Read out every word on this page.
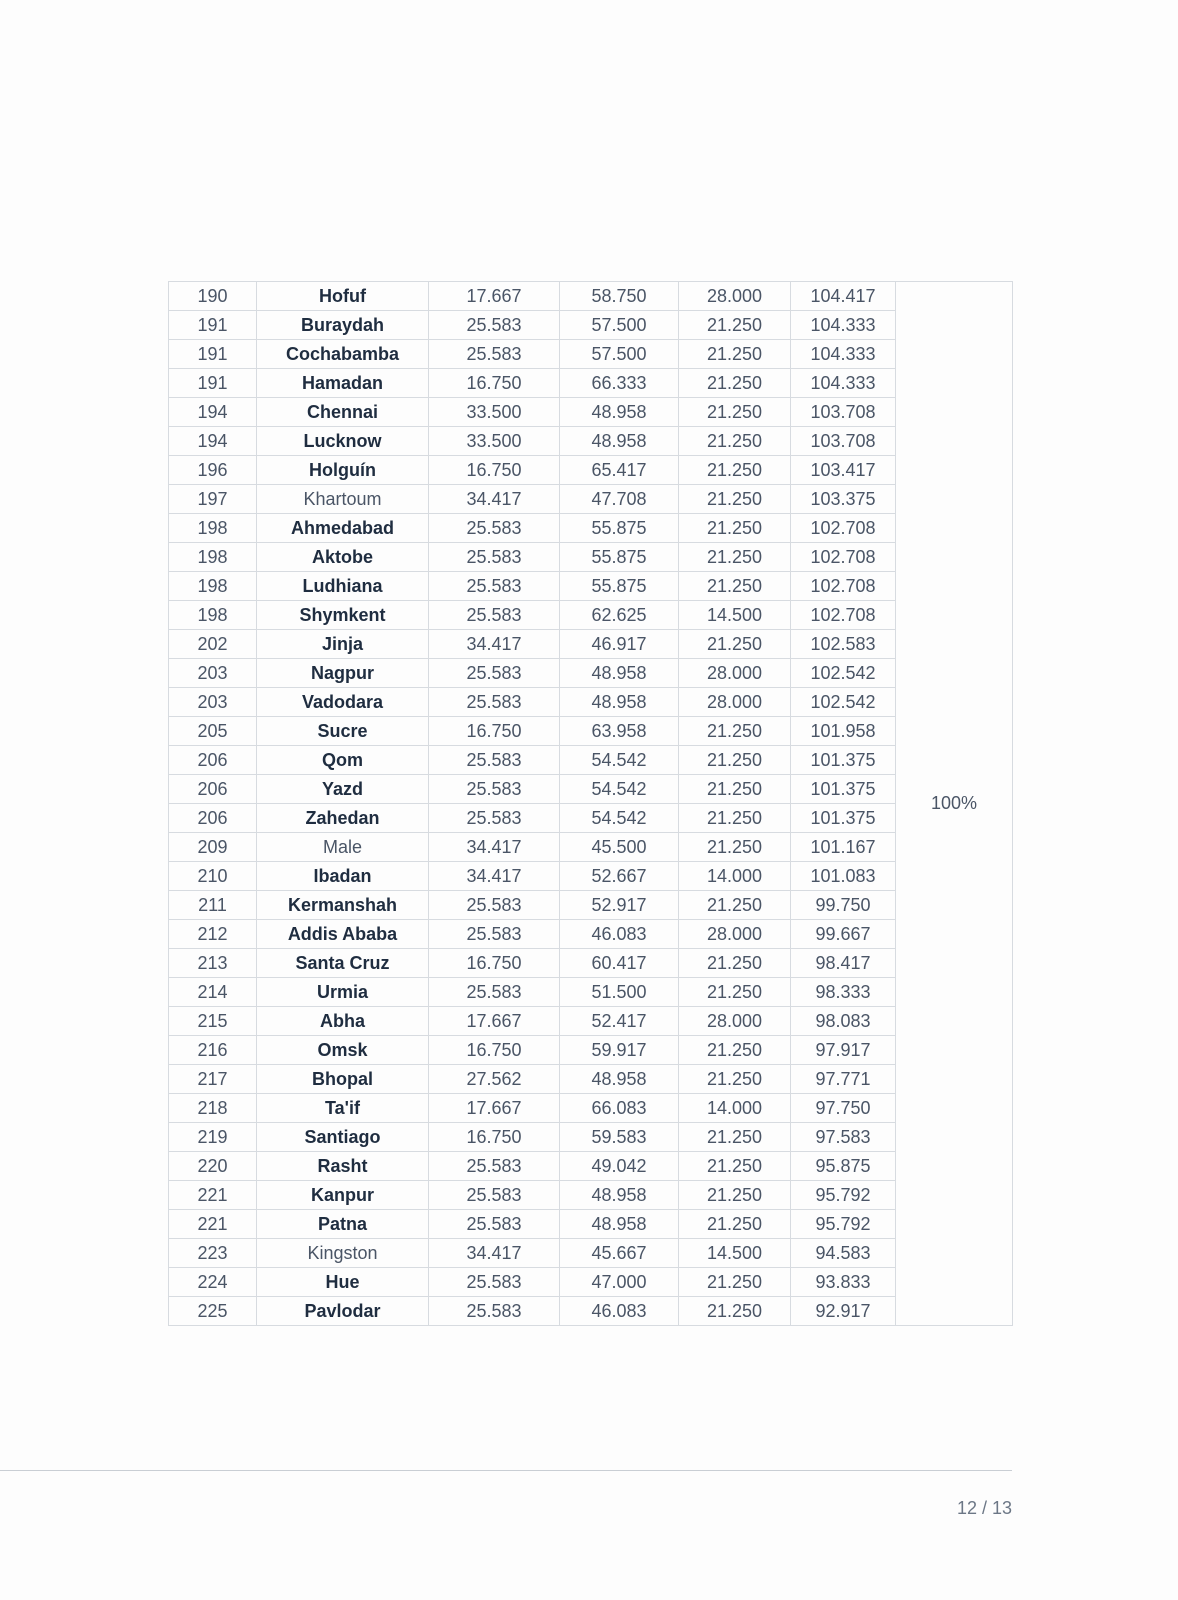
190	Hofuf	17.667	58.750	28.000	104.417	100%
191	Buraydah	25.583	57.500	21.250	104.333	
191	Cochabamba	25.583	57.500	21.250	104.333	
191	Hamadan	16.750	66.333	21.250	104.333	
194	Chennai	33.500	48.958	21.250	103.708	
194	Lucknow	33.500	48.958	21.250	103.708	
196	Holguín	16.750	65.417	21.250	103.417	
197	Khartoum	34.417	47.708	21.250	103.375	
198	Ahmedabad	25.583	55.875	21.250	102.708	
198	Aktobe	25.583	55.875	21.250	102.708	
198	Ludhiana	25.583	55.875	21.250	102.708	
198	Shymkent	25.583	62.625	14.500	102.708	
202	Jinja	34.417	46.917	21.250	102.583	
203	Nagpur	25.583	48.958	28.000	102.542	
203	Vadodara	25.583	48.958	28.000	102.542	
205	Sucre	16.750	63.958	21.250	101.958	
206	Qom	25.583	54.542	21.250	101.375	
206	Yazd	25.583	54.542	21.250	101.375	
206	Zahedan	25.583	54.542	21.250	101.375	
209	Male	34.417	45.500	21.250	101.167	
210	Ibadan	34.417	52.667	14.000	101.083	
211	Kermanshah	25.583	52.917	21.250	99.750	
212	Addis Ababa	25.583	46.083	28.000	99.667	
213	Santa Cruz	16.750	60.417	21.250	98.417	
214	Urmia	25.583	51.500	21.250	98.333	
215	Abha	17.667	52.417	28.000	98.083	
216	Omsk	16.750	59.917	21.250	97.917	
217	Bhopal	27.562	48.958	21.250	97.771	
218	Ta'if	17.667	66.083	14.000	97.750	
219	Santiago	16.750	59.583	21.250	97.583	
220	Rasht	25.583	49.042	21.250	95.875	
221	Kanpur	25.583	48.958	21.250	95.792	
221	Patna	25.583	48.958	21.250	95.792	
223	Kingston	34.417	45.667	14.500	94.583	
224	Hue	25.583	47.000	21.250	93.833	
225	Pavlodar	25.583	46.083	21.250	92.917	
12 / 13
